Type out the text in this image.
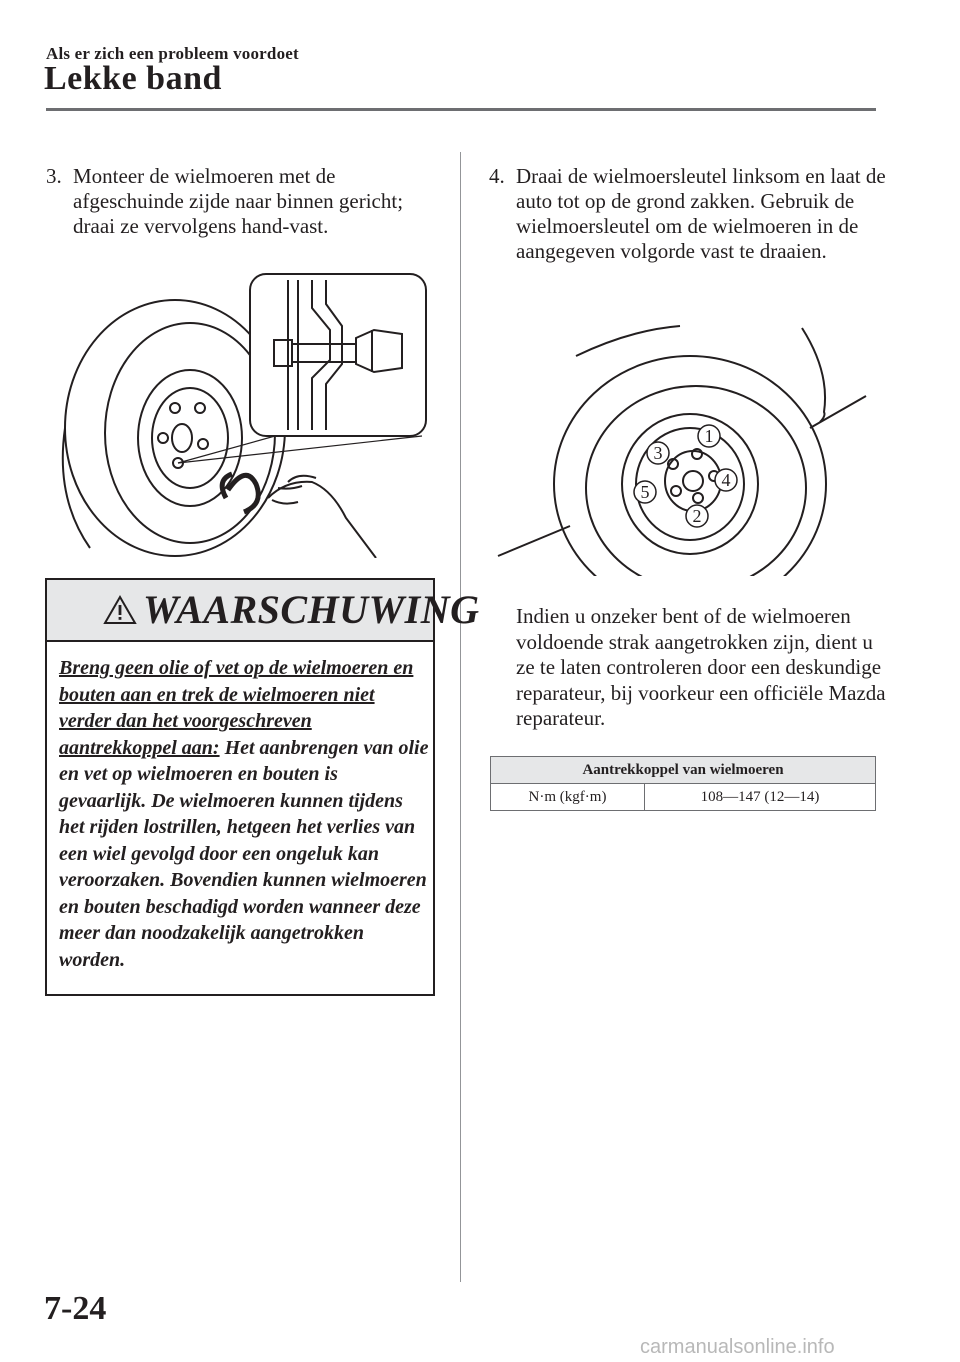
Als er zich een probleem voordoet
Lekke band
3. Monteer de wielmoeren met de afgeschuinde zijde naar binnen gericht; draai ze vervolgens hand-vast.
WAARSCHUWING
Breng geen olie of vet op de wielmoeren en bouten aan en trek de wielmoeren niet verder dan het voorgeschreven aantrekkoppel aan: Het aanbrengen van olie en vet op wielmoeren en bouten is gevaarlijk. De wielmoeren kunnen tijdens het rijden lostrillen, hetgeen het verlies van een wiel gevolgd door een ongeluk kan veroorzaken. Bovendien kunnen wielmoeren en bouten beschadigd worden wanneer deze meer dan noodzakelijk aangetrokken worden.
4. Draai de wielmoersleutel linksom en laat de auto tot op de grond zakken. Gebruik de wielmoersleutel om de wielmoeren in de aangegeven volgorde vast te draaien.
1
2
3
4
5
Indien u onzeker bent of de wielmoeren voldoende strak aangetrokken zijn, dient u ze te laten controleren door een deskundige reparateur, bij voorkeur een officiële Mazda reparateur.
Aantrekkoppel van wielmoeren
N·m (kgf·m)	108—147 (12—14)
7-24
carmanualsonline.info
